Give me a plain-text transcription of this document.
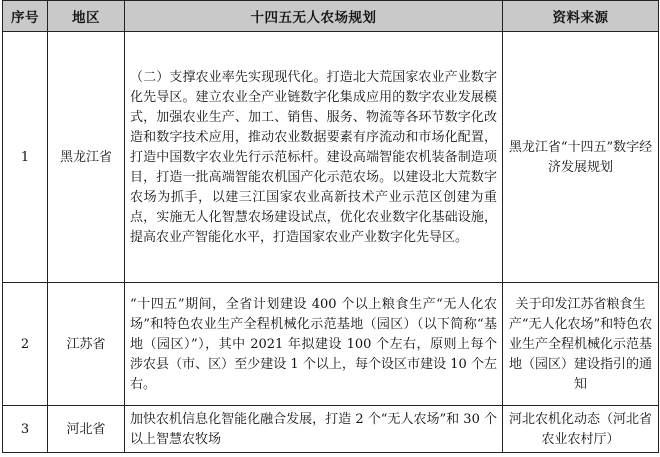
序号	地区	十四五无人农场规划	资料来源
1	黑龙江省	（二）支撑农业率先实现现代化。打造北大荒国家农业产业数字化先导区。建立农业全产业链数字化集成应用的数字农业发展模式，加强农业生产、加工、销售、服务、物流等各环节数字化改造和数字技术应用，推动农业数据要素有序流动和市场化配置，打造中国数字农业先行示范标杆。建设高端智能农机装备制造项目，打造一批高端智能农机国产化示范农场。以建设北大荒数字农场为抓手，以建三江国家农业高新技术产业示范区创建为重点，实施无人化智慧农场建设试点，优化农业数字化基础设施，提高农业产智能化水平，打造国家农业产业数字化先导区。	黑龙江省“十四五”数字经济发展规划
2	江苏省	“十四五”期间，全省计划建设 400 个以上粮食生产“无人化农场”和特色农业生产全程机械化示范基地（园区）（以下简称“基地（园区）”），其中 2021 年拟建设 100 个左右，原则上每个涉农县（市、区）至少建设 1 个以上，每个设区市建设 10 个左右。	关于印发江苏省粮食生产“无人化农场”和特色农业生产全程机械化示范基地（园区）建设指引的通知
3	河北省	加快农机信息化智能化融合发展，打造 2 个“无人农场”和 30 个以上智慧农牧场	河北农机化动态（河北省农业农村厅）
